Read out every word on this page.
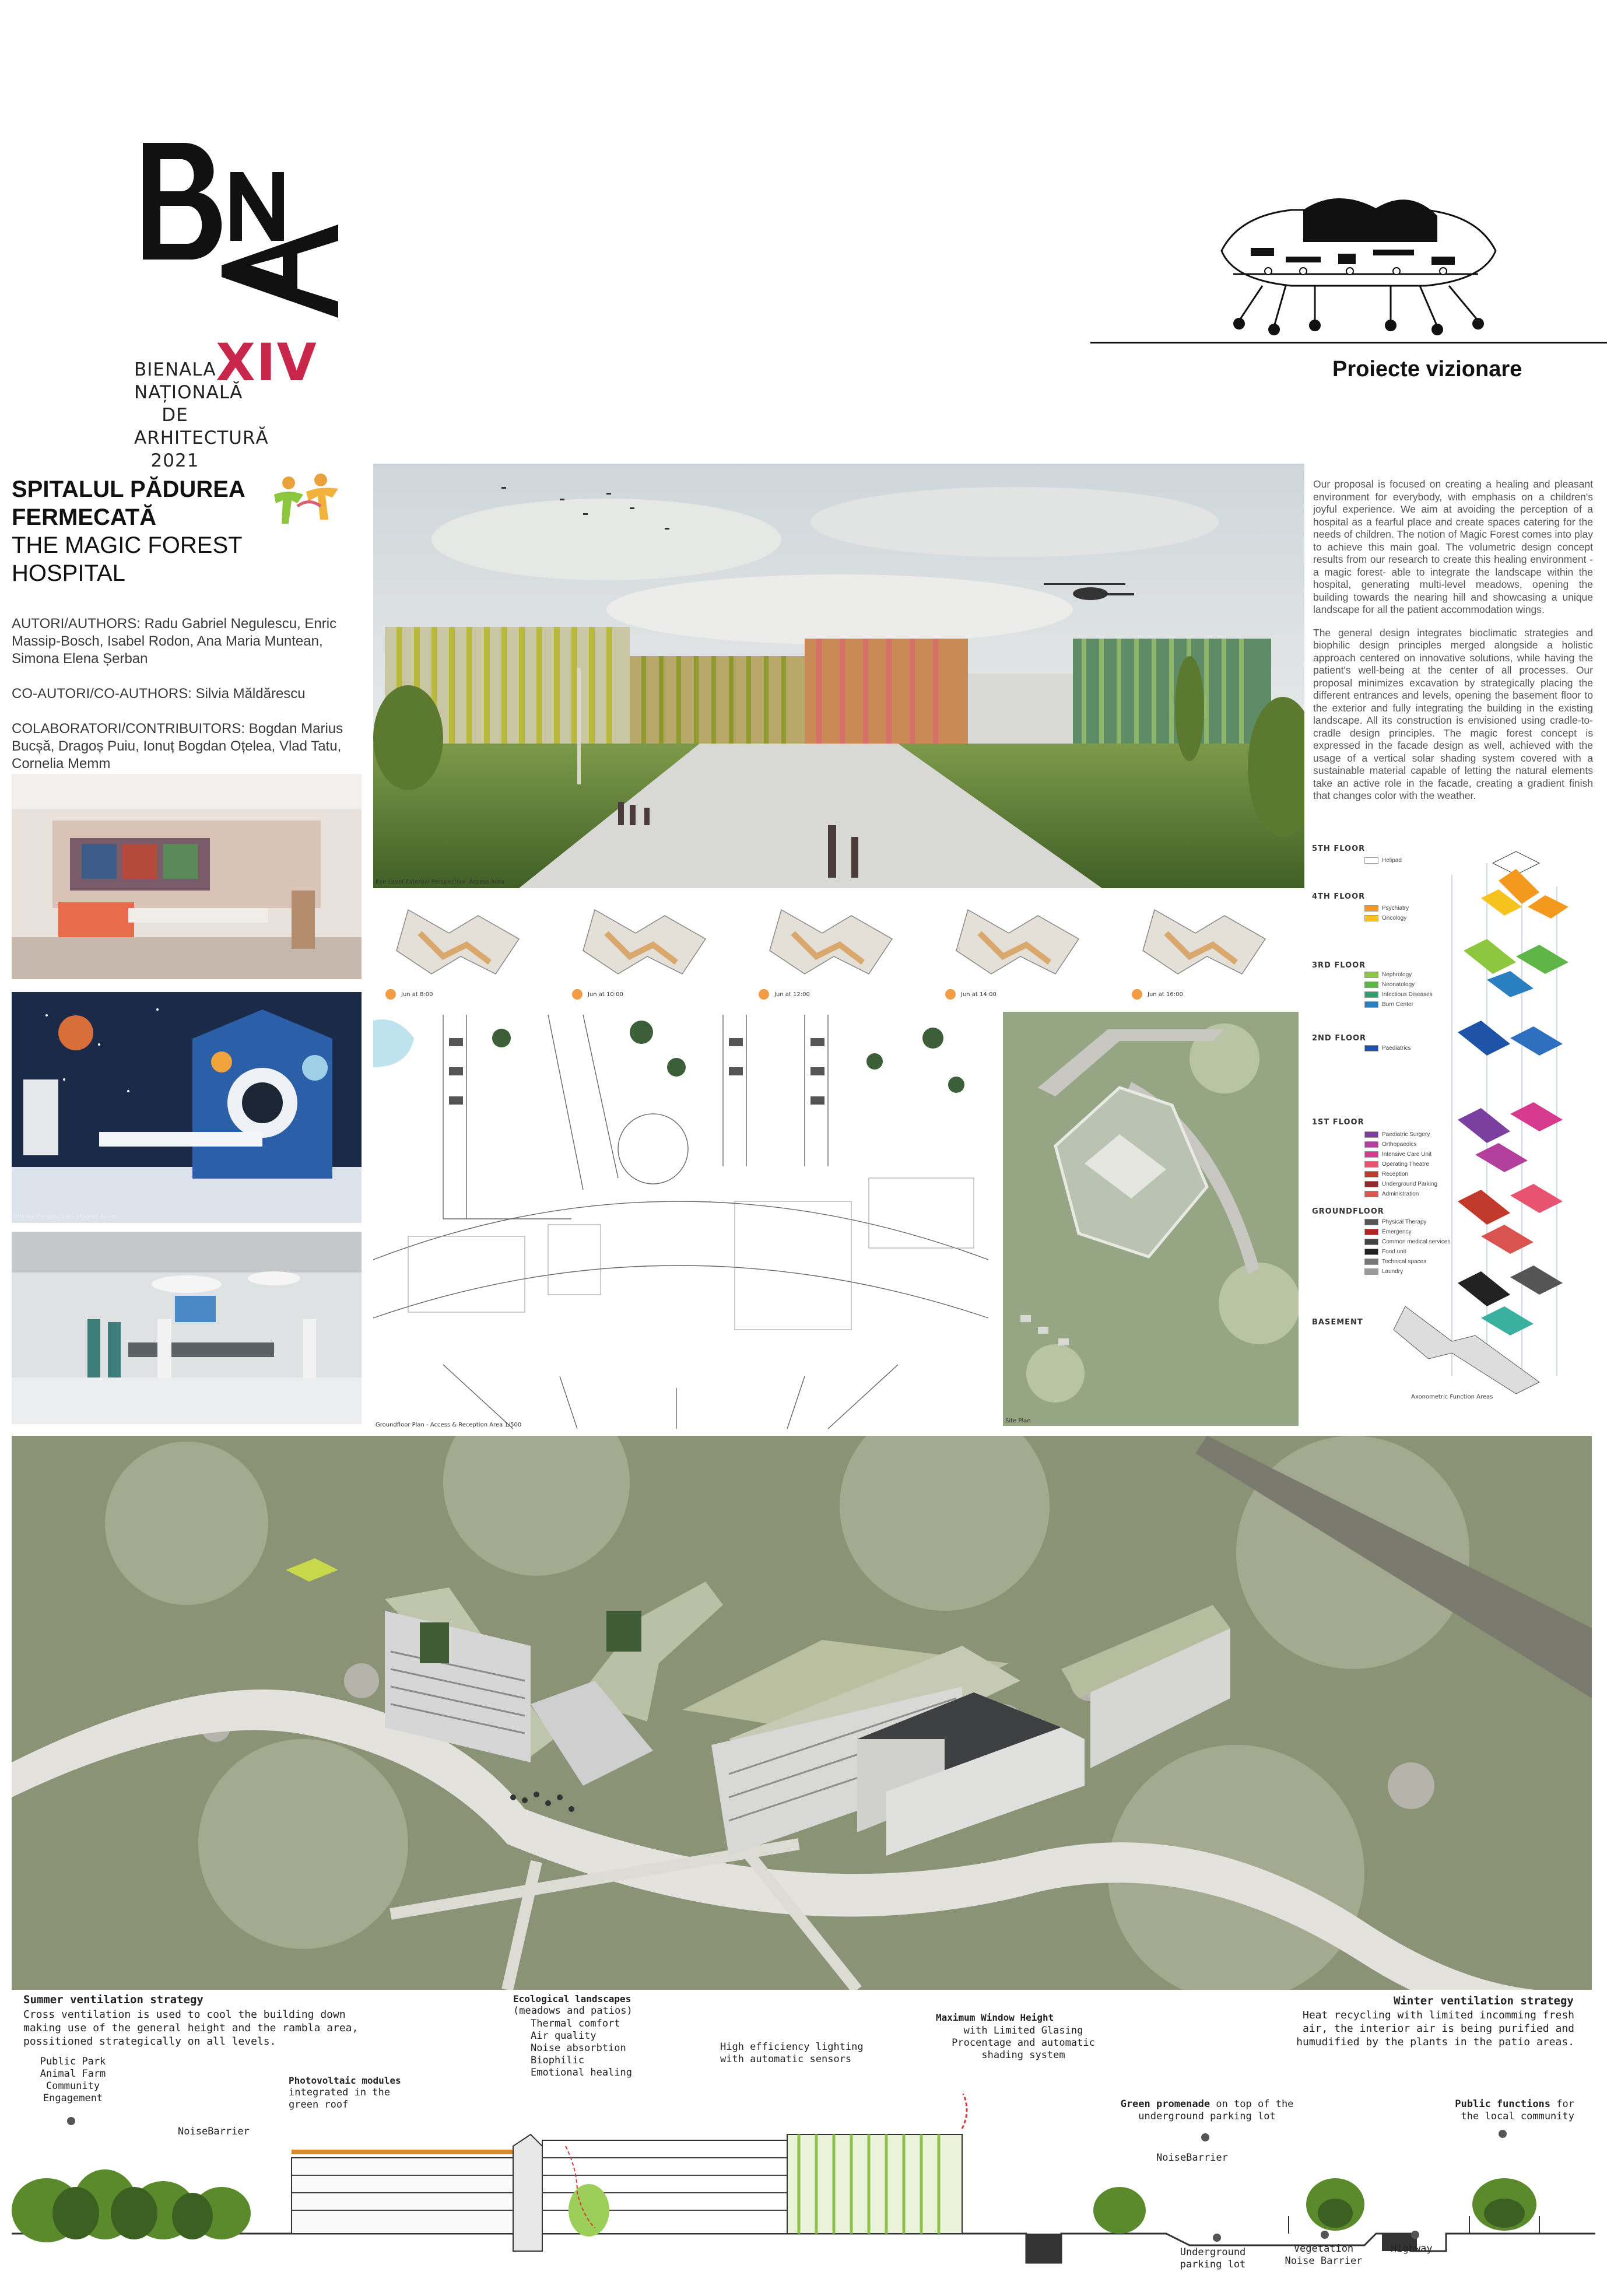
BIENALA
NAȚIONALĂ
DE
ARHITECTURĂ
2021
XIV	Proiecte vizionare
SPITALUL PĂDUREA
FERMECATĂ
THE MAGIC FOREST HOSPITAL

AUTORI/AUTHORS: Radu Gabriel Negulescu, Enric Massip-Bosch, Isabel Rodon, Ana Maria Muntean, Simona Elena Șerban

CO-AUTORI/CO-AUTHORS: Silvia Măldărescu

COLABORATORI/CONTRIBUITORS: Bogdan Marius Bucșă, Dragoș Puiu, Ionuț Bogdan Oțelea, Vlad Tatu, Cornelia Memm

Eye Level External Perspective- Access Area

Our proposal is focused on creating a healing and pleasant environment for everybody, with emphasis on a children's joyful experience. We aim at avoiding the perception of a hospital as a fearful place and create spaces catering for the needs of children. The notion of Magic Forest comes into play to achieve this main goal. The volumetric design concept results from our research to create this healing environment -a magic forest- able to integrate the landscape within the hospital, generating multi-level meadows, opening the building towards the nearing hill and showcasing a unique landscape for all the patient accommodation wings.

The general design integrates bioclimatic strategies and biophilic design principles merged alongside a holistic approach centered on innovative solutions, while having the patient's well-being at the center of all processes. Our proposal minimizes excavation by strategically placing the different entrances and levels, opening the basement floor to the exterior and fully integrating the building in the existing landscape. All its construction is envisioned using cradle-to-cradle design principles. The magic forest concept is expressed in the facade design as well, achieved with the usage of a vertical solar shading system covered with a sustainable material capable of letting the natural elements take an active role in the facade, creating a gradient finish that changes color with the weather.

Interior Perspective - Magnet Room
Jun at 8:00	Jun at 10:00	Jun at 12:00	Jun at 14:00	Jun at 16:00
Groundfloor Plan - Access & Reception Area 1/500
Site Plan
5TH FLOOR
4TH FLOOR
3RD FLOOR
2ND FLOOR
1ST FLOOR
GROUNDFLOOR
BASEMENT
Helipad
Psychiatry
Oncology
Nephrology
Neonatology
Infectious Diseases
Burn Center
Paediatrics
Paediatric Surgery
Orthopaedics
Intensive Care Unit
Operating Theatre
Reception
Underground Parking
Administration
Physical Therapy
Emergency
Common medical services
Food unit
Technical spaces
Laundry
Axonometric Function Areas
Summer ventilation strategy
Cross ventilation is used to cool the building down
making use of the general height and the rambla area,
possitioned strategically on all levels.
Ecological landscapes
(meadows and patios)
Thermal comfort
Air quality
Noise absorbtion
Biophilic
Emotional healing
Maximum Window Height
with Limited Glasing
Procentage and automatic
shading system
Winter ventilation strategy
Heat recycling with limited incomming fresh
air, the interior air is being purified and
humudified by the plants in the patio areas.
High efficiency lighting
with automatic sensors
Photovoltaic modules
integrated in the
green roof
Public Park
Animal Farm
Community
Engagement
NoiseBarrier
Green promenade on top of the
underground parking lot
NoiseBarrier
Public functions for
the local community
Underground
parking lot
Vegetation
Noise Barrier
Highway
